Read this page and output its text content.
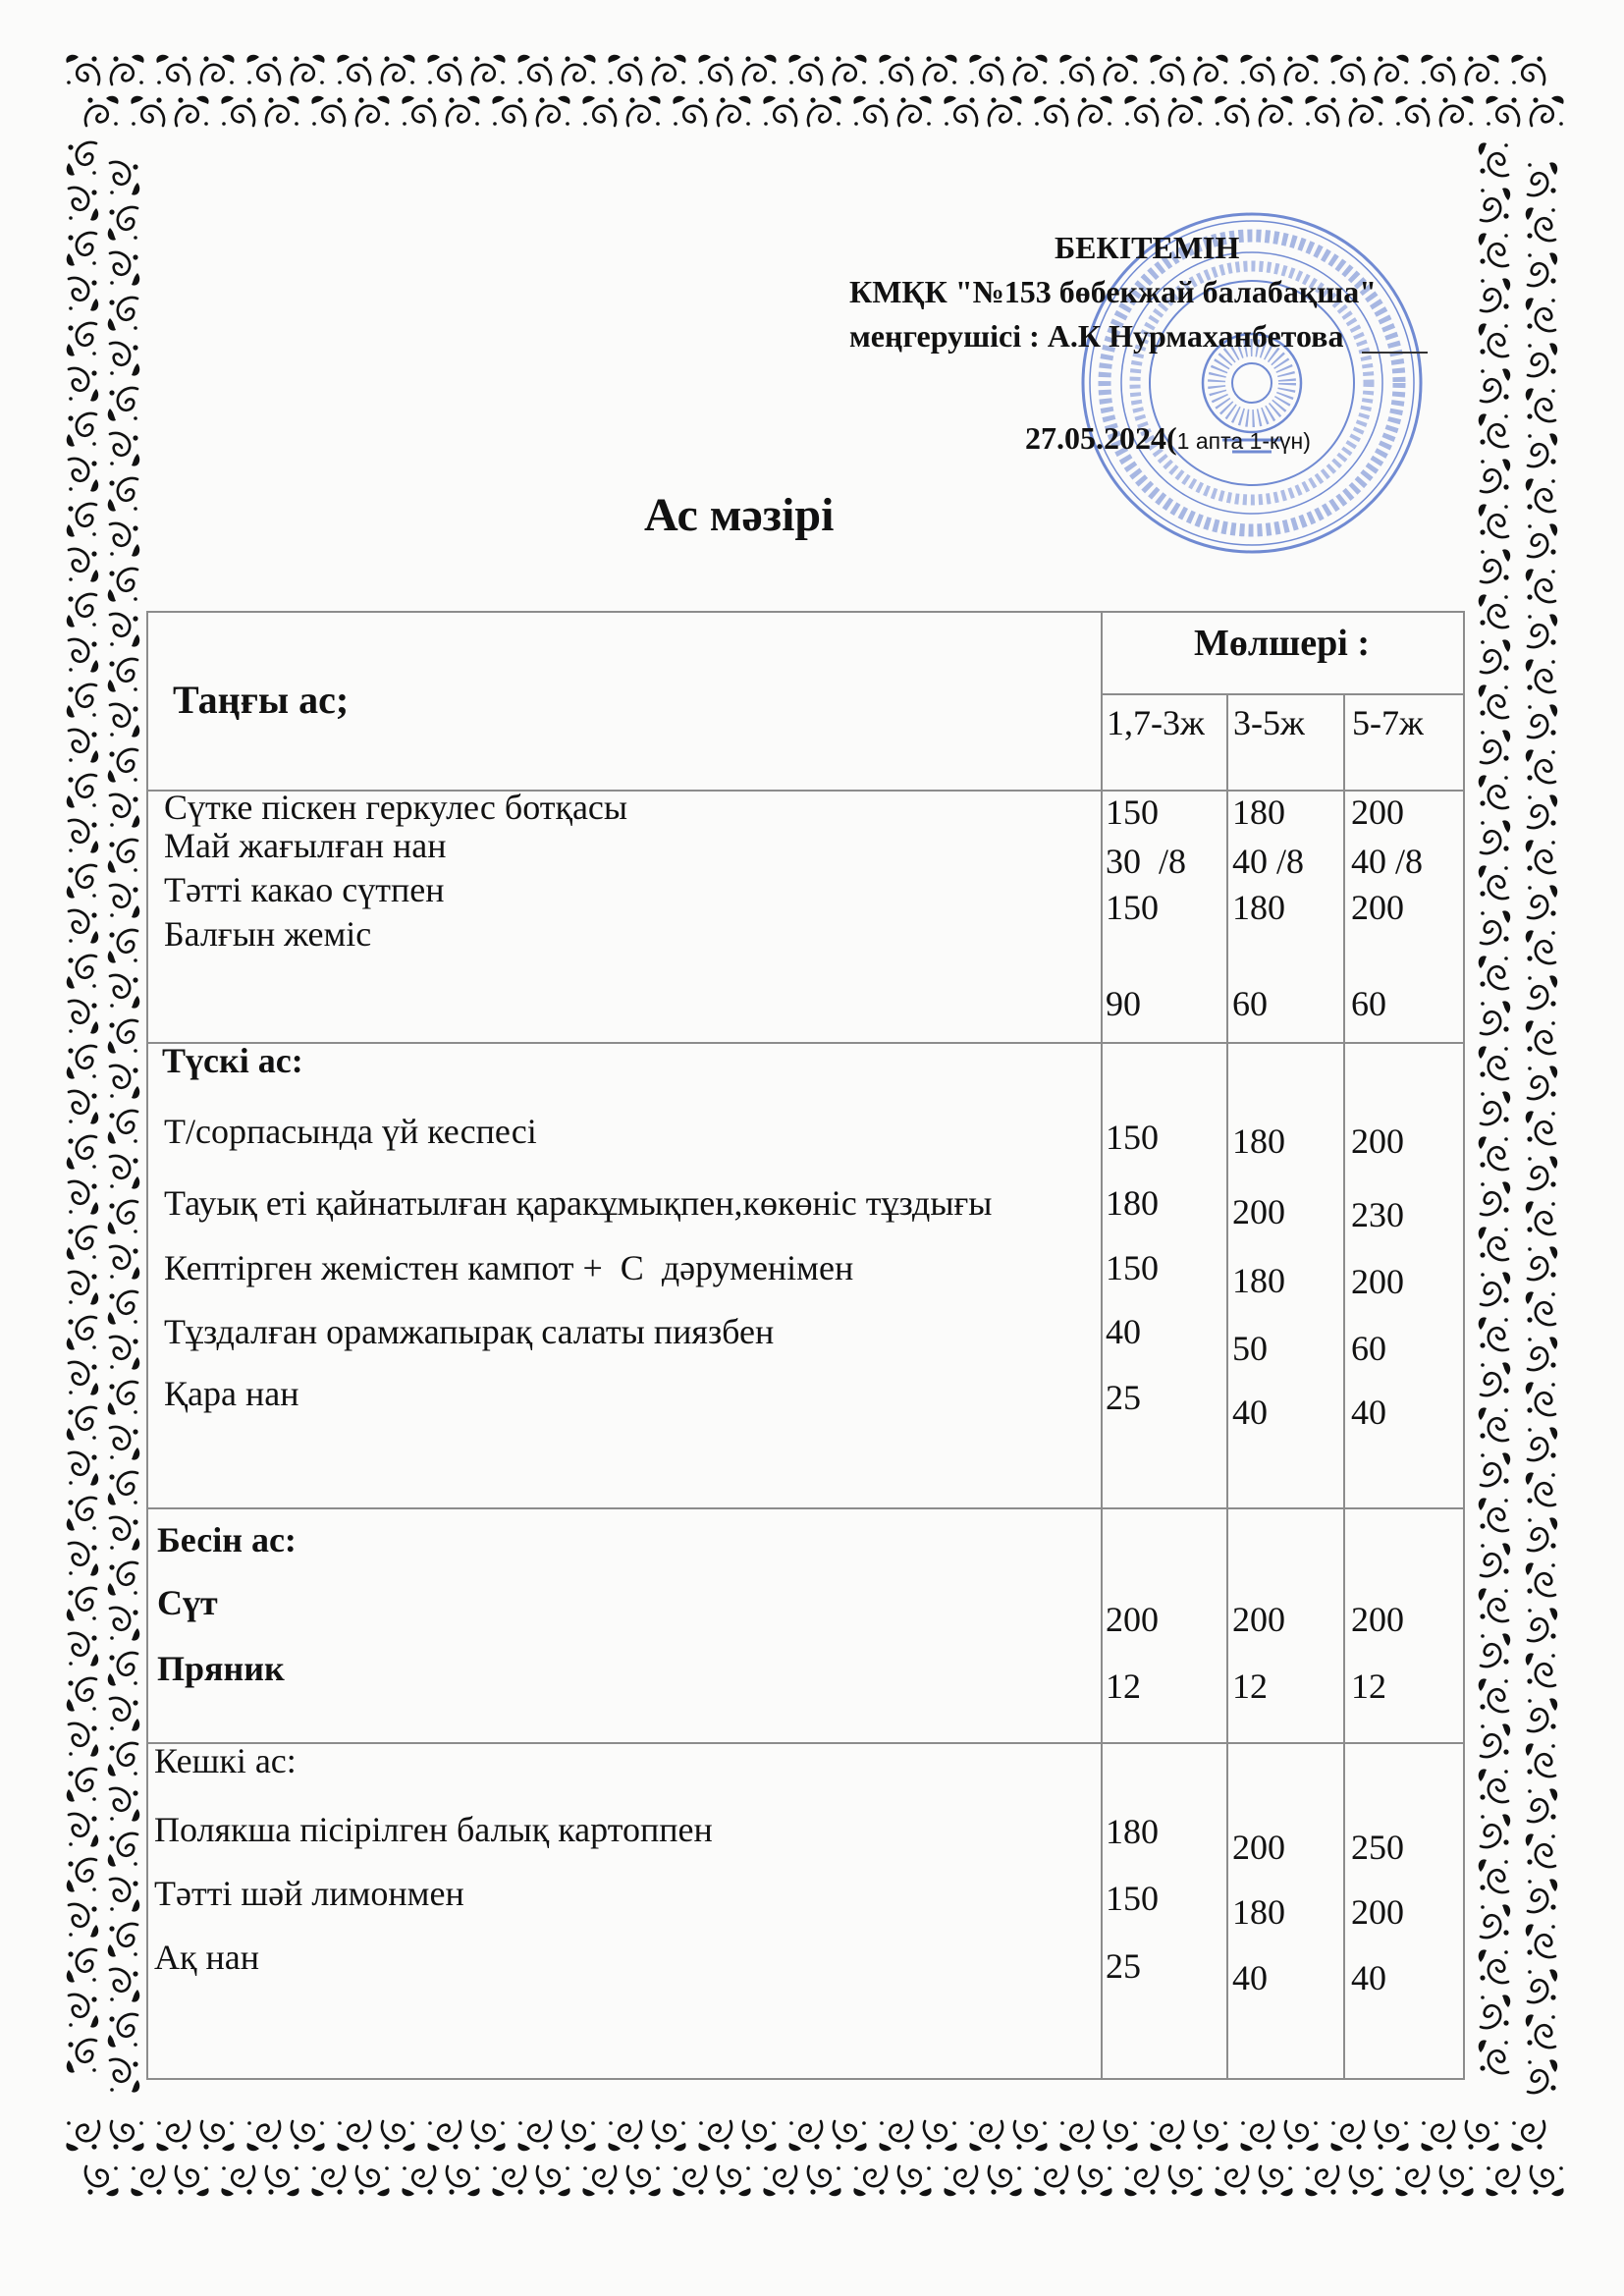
БЕКІТЕМІН
КМҚК "№153 бөбекжай балабақша"
меңгерушісі : А.К Нурмаханбетова
27.05.2024(1 апта 1-күн)
Ас мәзірі
Таңғы ас;
Мөлшері :
1,7-3ж 3-5ж 5-7ж
Сүтке піскен геркулес ботқасы
Май жағылған нан
Тәтті какао сүтпен
Балғын жеміс
150
30  /8
150
90
180
40 /8
180
60
200
40 /8
200
60
Түскі ас:
Т/сорпасында үй кеспесі
Тауық еті қайнатылған қаракұмықпен,көкөніс тұздығы
Кептірген жемістен кампот +  С  дәруменімен
Тұздалған орамжапырақ салаты пиязбен
Қара нан
150
180
150
40
25
180
200
180
50
40
200
230
200
60
40
Бесін ас:
Сүт
Пряник
200
12
200
12
200
12
Кешкі ас:
Полякша пісірілген балық картоппен
Тәтті шәй лимонмен
Ақ нан
180
150
25
200
180
40
250
200
40
